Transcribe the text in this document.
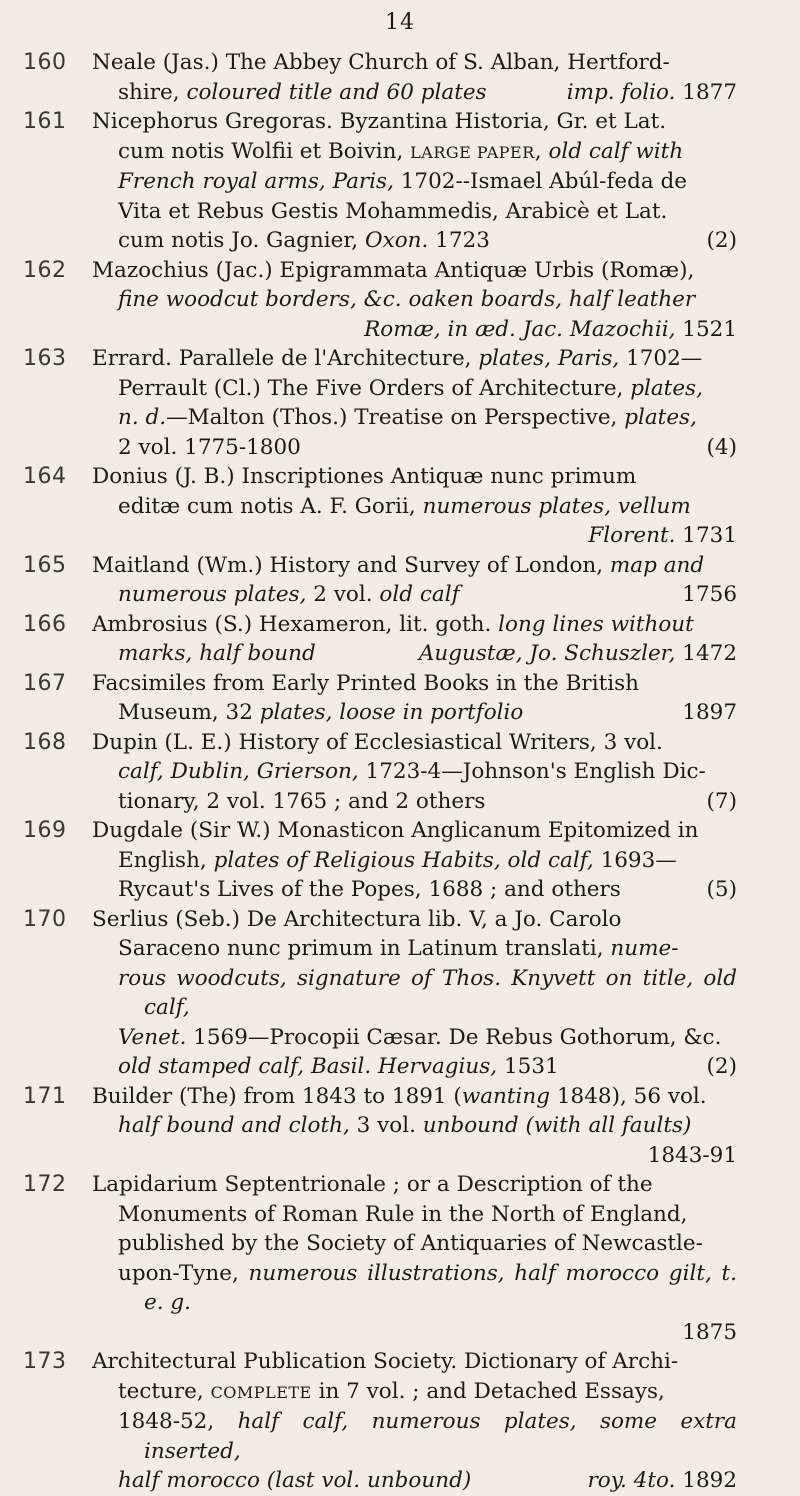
14
160 Neale (Jas.) The Abbey Church of S. Alban, Hertford-
shire, coloured title and 60 plates	imp. folio. 1877
161 Nicephorus Gregoras. Byzantina Historia, Gr. et Lat.
cum notis Wolfii et Boivin, LARGE PAPER, old calf with
French royal arms, Paris, 1702--Ismael Abúl-feda de
Vita et Rebus Gestis Mohammedis, Arabicè et Lat.
cum notis Jo. Gagnier, Oxon. 1723	(2)
162 Mazochius (Jac.) Epigrammata Antiquæ Urbis (Romæ),
fine woodcut borders, &c. oaken boards, half leather
Romæ, in æd. Jac. Mazochii, 1521
163 Errard. Parallele de l'Architecture, plates, Paris, 1702—
Perrault (Cl.) The Five Orders of Architecture, plates,
n. d.—Malton (Thos.) Treatise on Perspective, plates,
2 vol. 1775-1800	(4)
164 Donius (J. B.) Inscriptiones Antiquæ nunc primum
editæ cum notis A. F. Gorii, numerous plates, vellum
Florent. 1731
165 Maitland (Wm.) History and Survey of London, map and
numerous plates, 2 vol. old calf	1756
166 Ambrosius (S.) Hexameron, lit. goth. long lines without
marks, half bound	Augustæ, Jo. Schuszler, 1472
167 Facsimiles from Early Printed Books in the British
Museum, 32 plates, loose in portfolio	1897
168 Dupin (L. E.) History of Ecclesiastical Writers, 3 vol.
calf, Dublin, Grierson, 1723-4—Johnson's English Dic-
tionary, 2 vol. 1765 ; and 2 others	(7)
169 Dugdale (Sir W.) Monasticon Anglicanum Epitomized in
English, plates of Religious Habits, old calf, 1693—
Rycaut's Lives of the Popes, 1688 ; and others	(5)
170 Serlius (Seb.) De Architectura lib. V, a Jo. Carolo
Saraceno nunc primum in Latinum translati, nume-
rous woodcuts, signature of Thos. Knyvett on title, old calf,
Venet. 1569—Procopii Cæsar. De Rebus Gothorum, &c.
old stamped calf, Basil. Hervagius, 1531	(2)
171 Builder (The) from 1843 to 1891 (wanting 1848), 56 vol.
half bound and cloth, 3 vol. unbound (with all faults)
1843-91
172 Lapidarium Septentrionale ; or a Description of the
Monuments of Roman Rule in the North of England,
published by the Society of Antiquaries of Newcastle-
upon-Tyne, numerous illustrations, half morocco gilt, t. e. g.
1875
173 Architectural Publication Society. Dictionary of Archi-
tecture, COMPLETE in 7 vol. ; and Detached Essays,
1848-52, half calf, numerous plates, some extra inserted,
half morocco (last vol. unbound)	roy. 4to. 1892
